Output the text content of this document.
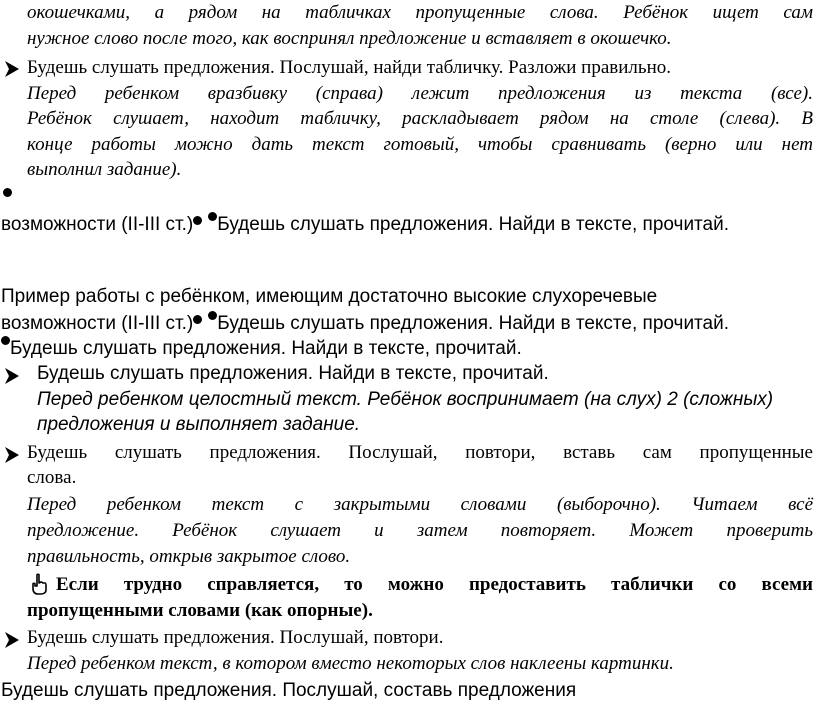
окошечками, а рядом на табличках пропущенные слова. Ребёнок ищет сам
нужное слово после того, как воспринял предложение и вставляет в окошечко.
Будешь слушать предложения. Послушай, найди табличку. Разложи правильно.
Перед ребенком вразбивку (справа) лежит предложения из текста (все).
Ребёнок слушает, находит табличку, раскладывает рядом на столе (слева). В
конце работы можно дать текст готовый, чтобы сравнивать (верно или нет
выполнил задание).
возможности (II-III ст.) Будешь слушать предложения. Найди в тексте, прочитай.
Пример работы с ребёнком, имеющим достаточно высокие слухоречевые
возможности (II-III ст.) Будешь слушать предложения. Найди в тексте, прочитай.
Будешь слушать предложения. Найди в тексте, прочитай.
Будешь слушать предложения. Найди в тексте, прочитай.
Перед ребенком целостный текст. Ребёнок воспринимает (на слух) 2 (сложных)
предложения и выполняет задание.
Будешь слушать предложения. Послушай, повтори, вставь сам пропущенные
слова.
Перед ребенком текст с закрытыми словами (выборочно). Читаем всё
предложение. Ребёнок слушает и затем повторяет. Может проверить
правильность, открыв закрытое слово.
Если трудно справляется, то можно предоставить таблички со всеми
пропущенными словами (как опорные).
Будешь слушать предложения. Послушай, повтори.
Перед ребенком текст, в котором вместо некоторых слов наклеены картинки.
Будешь слушать предложения. Послушай, составь предложения
